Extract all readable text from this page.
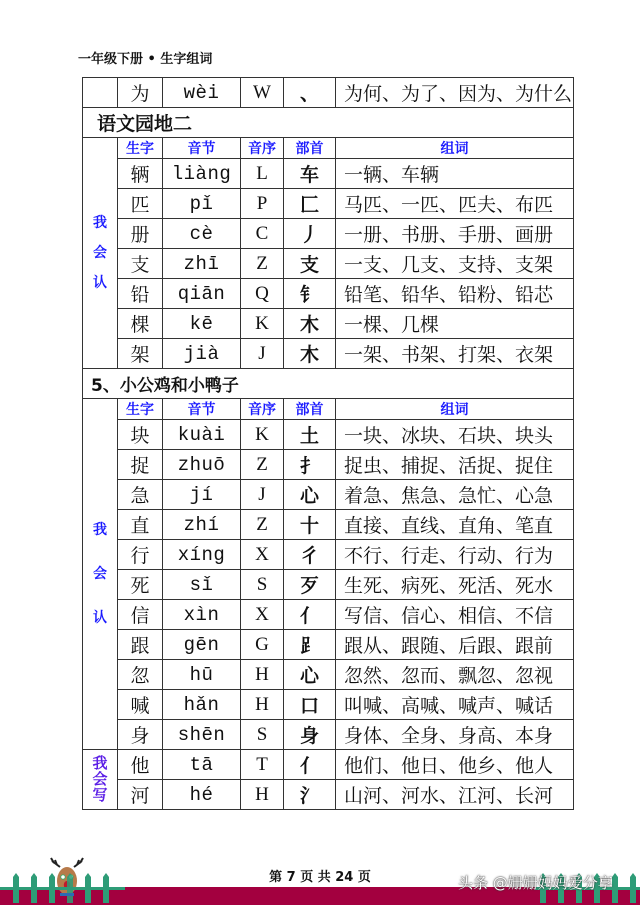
一年级下册 • 生字组词
	为	wèi	W	、	为何、为了、因为、为什么
语文园地二					

我
会
认	生字	音节	音序	部首	组词
	辆	liàng	L	车	一辆、车辆
	匹	pǐ	P	匚	马匹、一匹、匹夫、布匹
	册	cè	C	丿	一册、书册、手册、画册
	支	zhī	Z	支	一支、几支、支持、支架
	铅	qiān	Q	钅	铅笔、铅华、铅粉、铅芯
	棵	kē	K	木	一棵、几棵
	架	jià	J	木	一架、书架、打架、衣架
5、小公鸡和小鸭子					

我
会
认	生字	音节	音序	部首	组词
	块	kuài	K	土	一块、冰块、石块、块头
	捉	zhuō	Z	扌	捉虫、捕捉、活捉、捉住
	急	jí	J	心	着急、焦急、急忙、心急
	直	zhí	Z	十	直接、直线、直角、笔直
	行	xíng	X	彳	不行、行走、行动、行为
	死	sǐ	S	歹	生死、病死、死活、死水
	信	xìn	X	亻	写信、信心、相信、不信
	跟	gēn	G	⻊	跟从、跟随、后跟、跟前
	忽	hū	H	心	忽然、忽而、飘忽、忽视
	喊	hǎn	H	口	叫喊、高喊、喊声、喊话
	身	shēn	S	身	身体、全身、身高、本身

我
会
写	他	tā	T	亻	他们、他日、他乡、他人
	河	hé	H	氵	山河、河水、江河、长河
第 7 页 共 24 页	头条 @姗姗妈妈爱分享
